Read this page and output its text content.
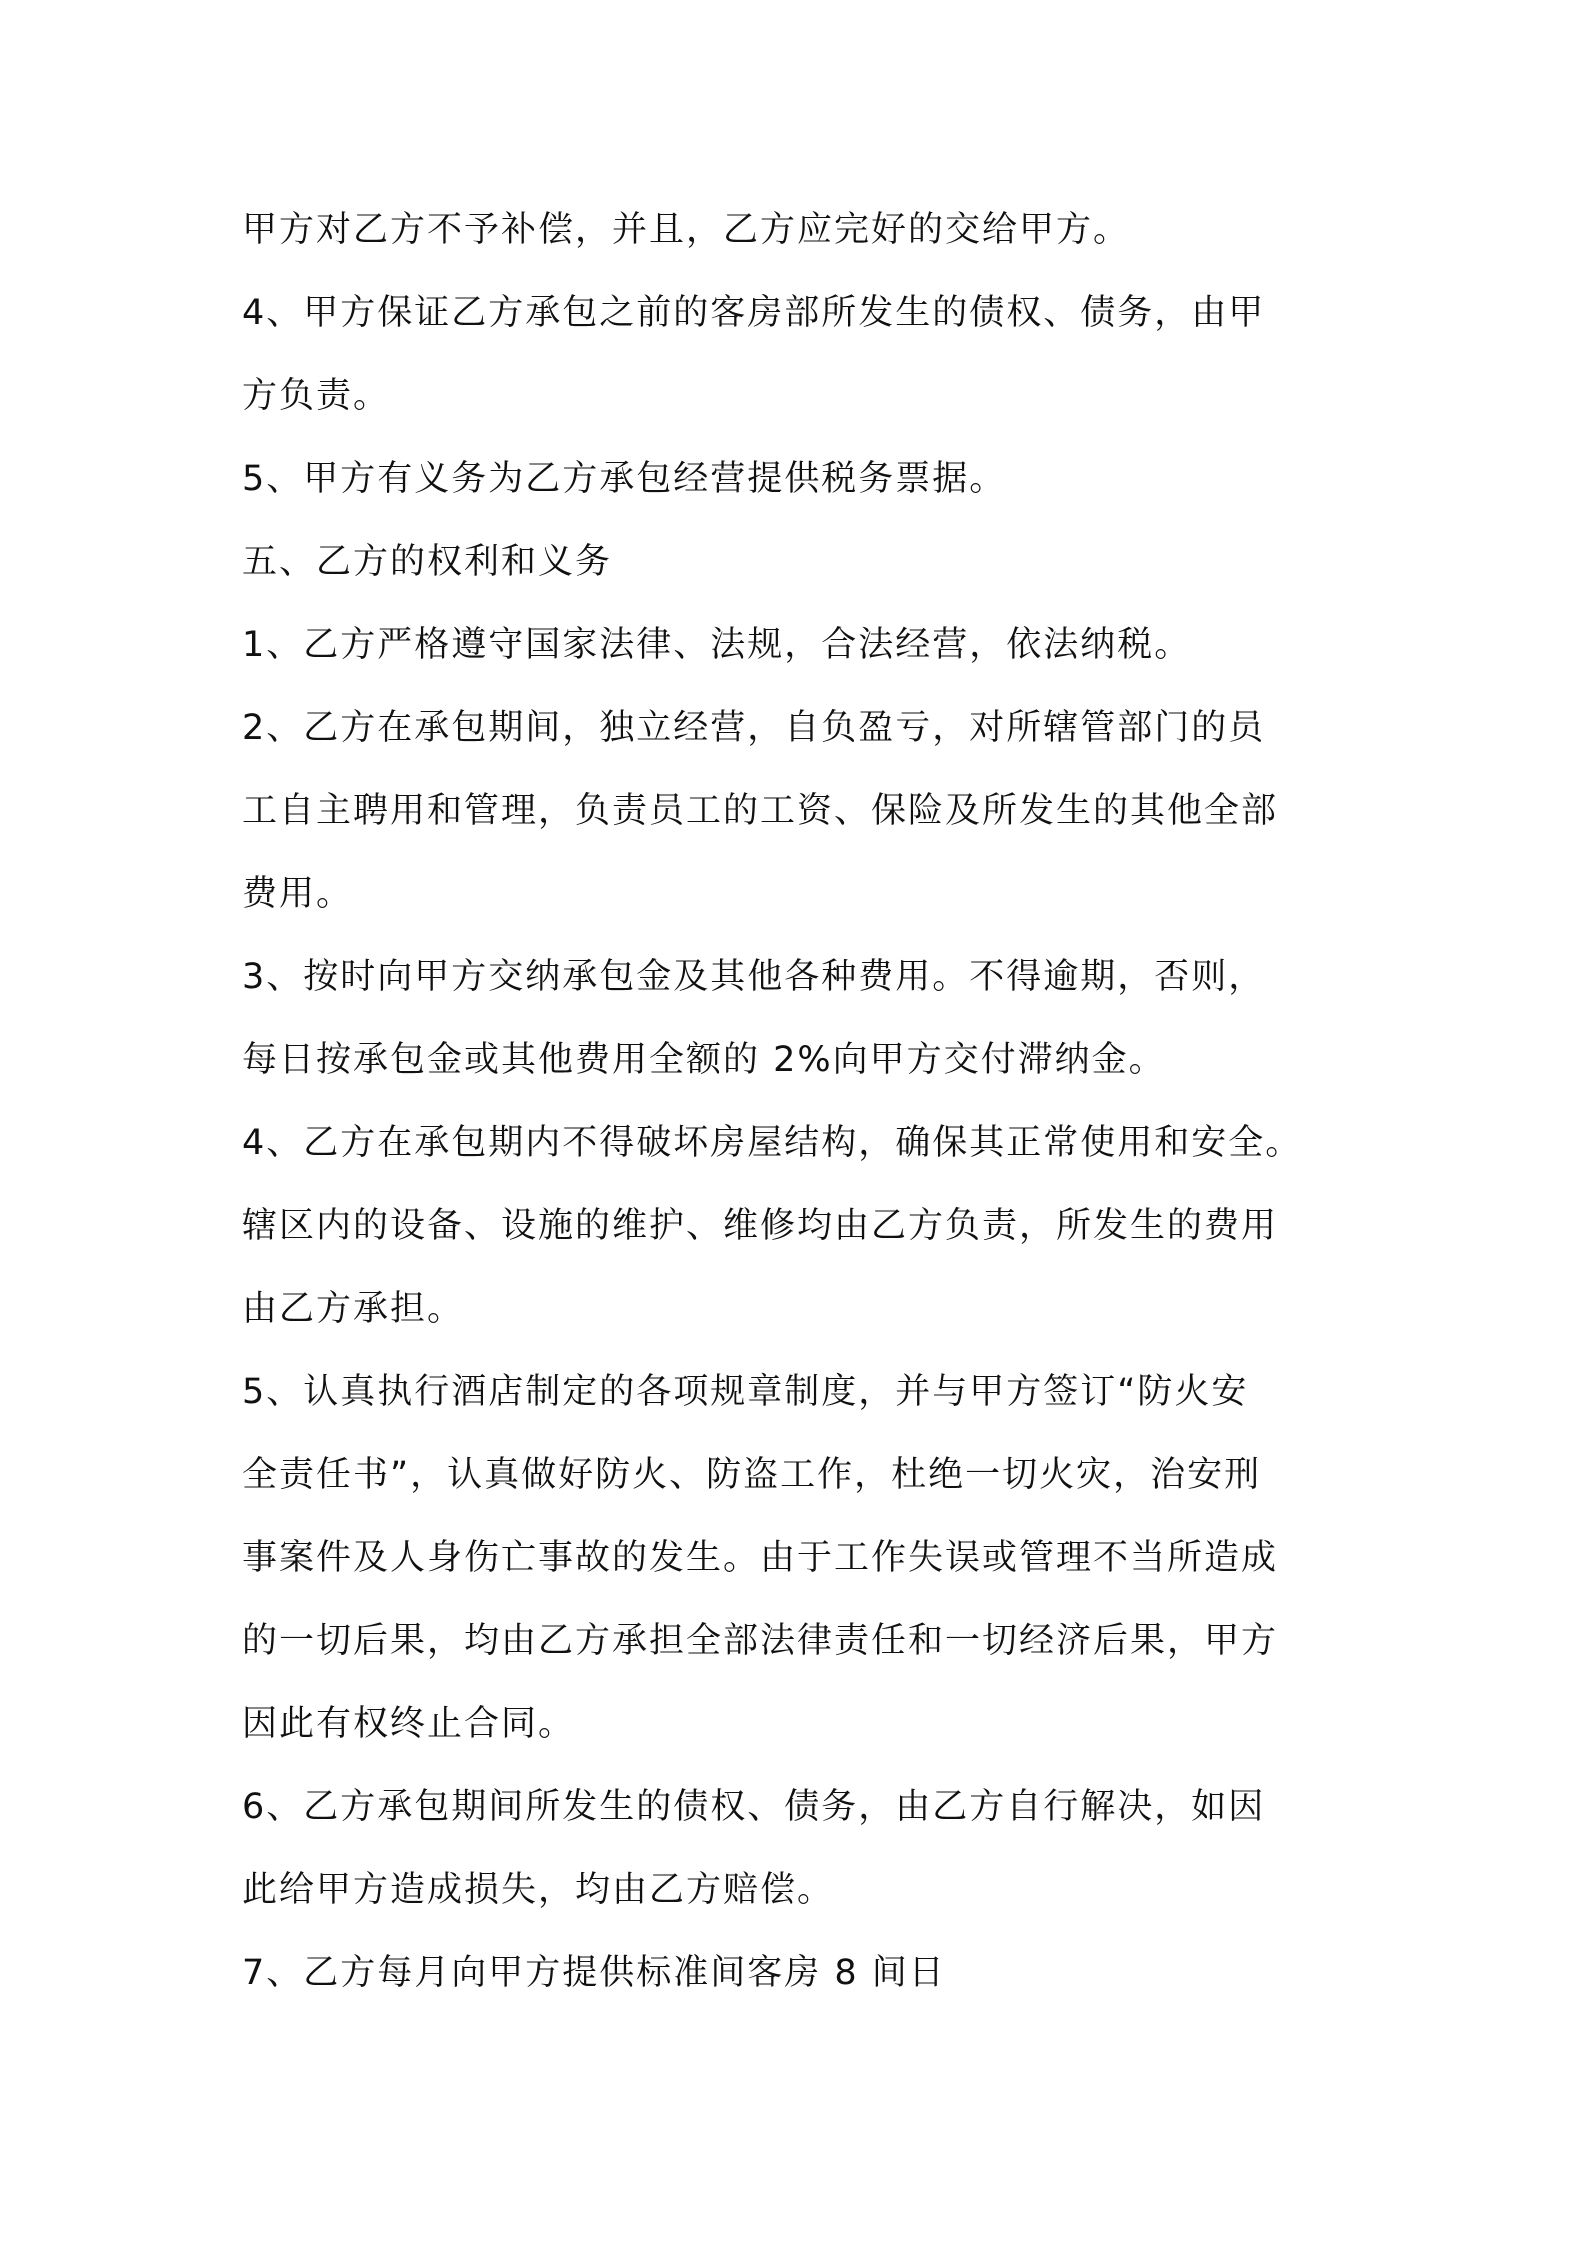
甲方对乙方不予补偿，并且，乙方应完好的交给甲方。
4、甲方保证乙方承包之前的客房部所发生的债权、债务，由甲
方负责。
5、甲方有义务为乙方承包经营提供税务票据。
五、乙方的权利和义务
1、乙方严格遵守国家法律、法规，合法经营，依法纳税。
2、乙方在承包期间，独立经营，自负盈亏，对所辖管部门的员
工自主聘用和管理，负责员工的工资、保险及所发生的其他全部
费用。
3、按时向甲方交纳承包金及其他各种费用。不得逾期，否则，
每日按承包金或其他费用全额的 2%向甲方交付滞纳金。
4、乙方在承包期内不得破坏房屋结构，确保其正常使用和安全。
辖区内的设备、设施的维护、维修均由乙方负责，所发生的费用
由乙方承担。
5、认真执行酒店制定的各项规章制度，并与甲方签订“防火安
全责任书”，认真做好防火、防盗工作，杜绝一切火灾，治安刑
事案件及人身伤亡事故的发生。由于工作失误或管理不当所造成
的一切后果，均由乙方承担全部法律责任和一切经济后果，甲方
因此有权终止合同。
6、乙方承包期间所发生的债权、债务，由乙方自行解决，如因
此给甲方造成损失，均由乙方赔偿。
7、乙方每月向甲方提供标准间客房 8 间日
